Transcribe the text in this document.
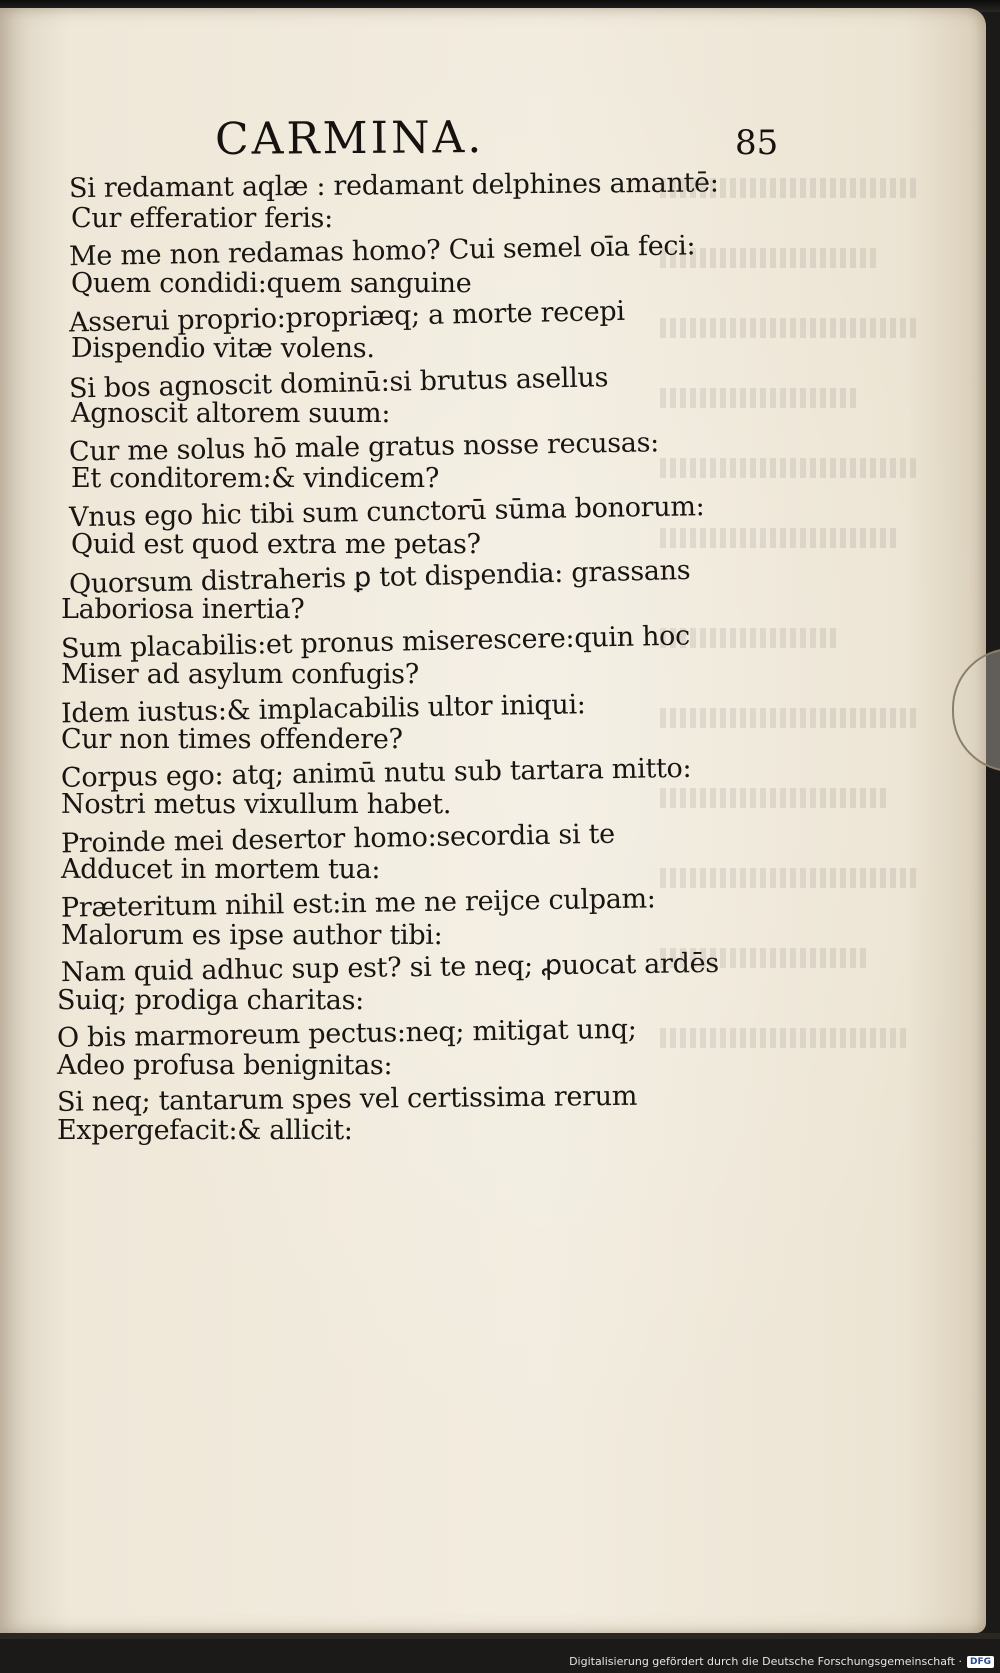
CARMINA.	85
Si redamant aqlæ : redamant delphines amantē:
Cur efferatior feris:
Me me non redamas homo? Cui semel oīa feci:
Quem condidi:quem sanguine
Asserui proprio:propriæq; a morte recepi
Dispendio vitæ volens.
Si bos agnoscit dominū:si brutus asellus
Agnoscit altorem suum:
Cur me solus hō male gratus nosse recusas:
Et conditorem:& vindicem?
Vnus ego hic tibi sum cunctorū sūma bonorum:
Quid est quod extra me petas?
Quorsum distraheris ꝑ tot dispendia: grassans
Laboriosa inertia?
Sum placabilis:et pronus miserescere:quin hoc
Miser ad asylum confugis?
Idem iustus:& implacabilis ultor iniqui:
Cur non times offendere?
Corpus ego: atq; animū nutu sub tartara mitto:
Nostri metus vixullum habet.
Proinde mei desertor homo:secordia si te
Adducet in mortem tua:
Præteritum nihil est:in me ne reijce culpam:
Malorum es ipse author tibi:
Nam quid adhuc sup est? si te neq; ꝓuocat ardēs
Suiq; prodiga charitas:
O bis marmoreum pectus:neq; mitigat unq;
Adeo profusa benignitas:
Si neq; tantarum spes vel certissima rerum
Expergefacit:& allicit:
Digitalisierung gefördert durch die Deutsche Forschungsgemeinschaft · DFG
